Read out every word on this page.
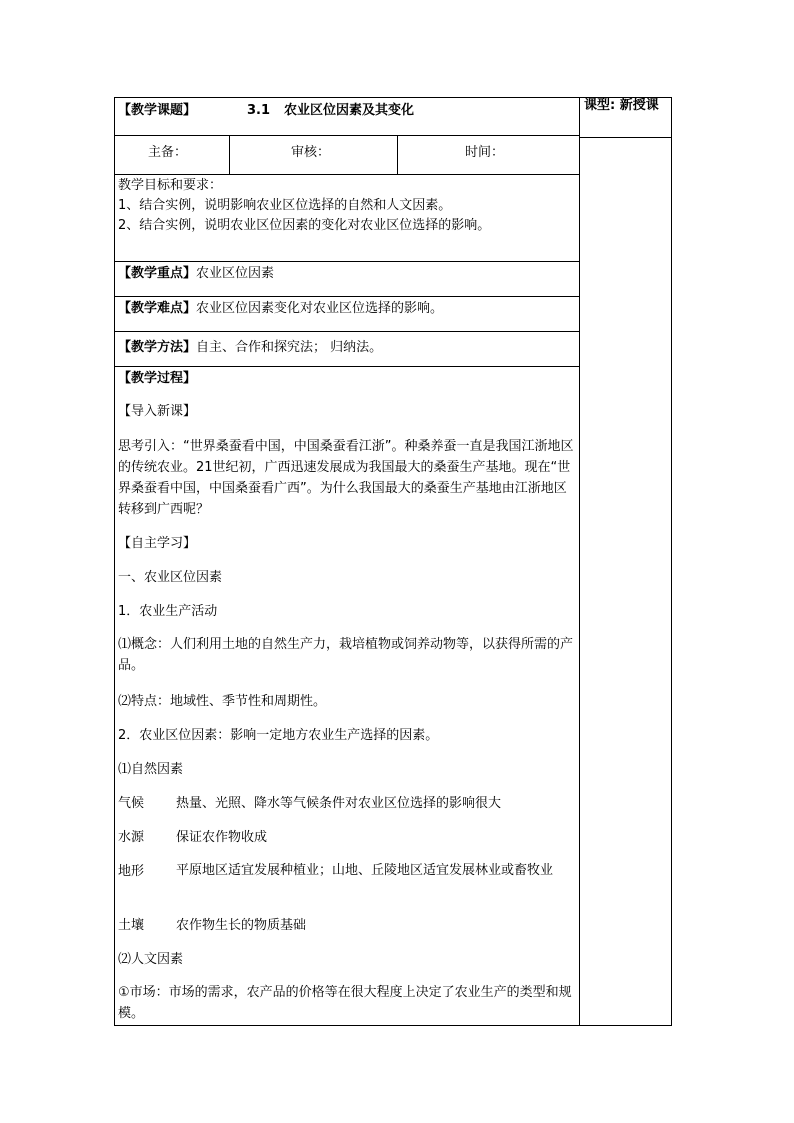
【教学课题】	3.1 农业区位因素及其变化	课型: 新授课
主备：	审核：	时间：
教学目标和要求：
1、结合实例，说明影响农业区位选择的自然和人文因素。
2、结合实例，说明农业区位因素的变化对农业区位选择的影响。
【教学重点】农业区位因素
【教学难点】农业区位因素变化对农业区位选择的影响。
【教学方法】自主、合作和探究法； 归纳法。
【教学过程】
【导入新课】
思考引入：“世界桑蚕看中国，中国桑蚕看江浙”。种桑养蚕一直是我国江浙地区的传统农业。21世纪初，广西迅速发展成为我国最大的桑蚕生产基地。现在“世界桑蚕看中国，中国桑蚕看广西”。为什么我国最大的桑蚕生产基地由江浙地区转移到广西呢？
【自主学习】
一、农业区位因素
1．农业生产活动
⑴概念：人们利用土地的自然生产力，栽培植物或饲养动物等，以获得所需的产品。
⑵特点：地域性、季节性和周期性。
2．农业区位因素：影响一定地方农业生产选择的因素。
⑴自然因素
气候 热量、光照、降水等气候条件对农业区位选择的影响很大
水源 保证农作物收成
地形	平原地区适宜发展种植业；山地、丘陵地区适宜发展林业或畜牧业
土壤 农作物生长的物质基础
⑵人文因素
①市场：市场的需求，农产品的价格等在很大程度上决定了农业生产的类型和规模。
